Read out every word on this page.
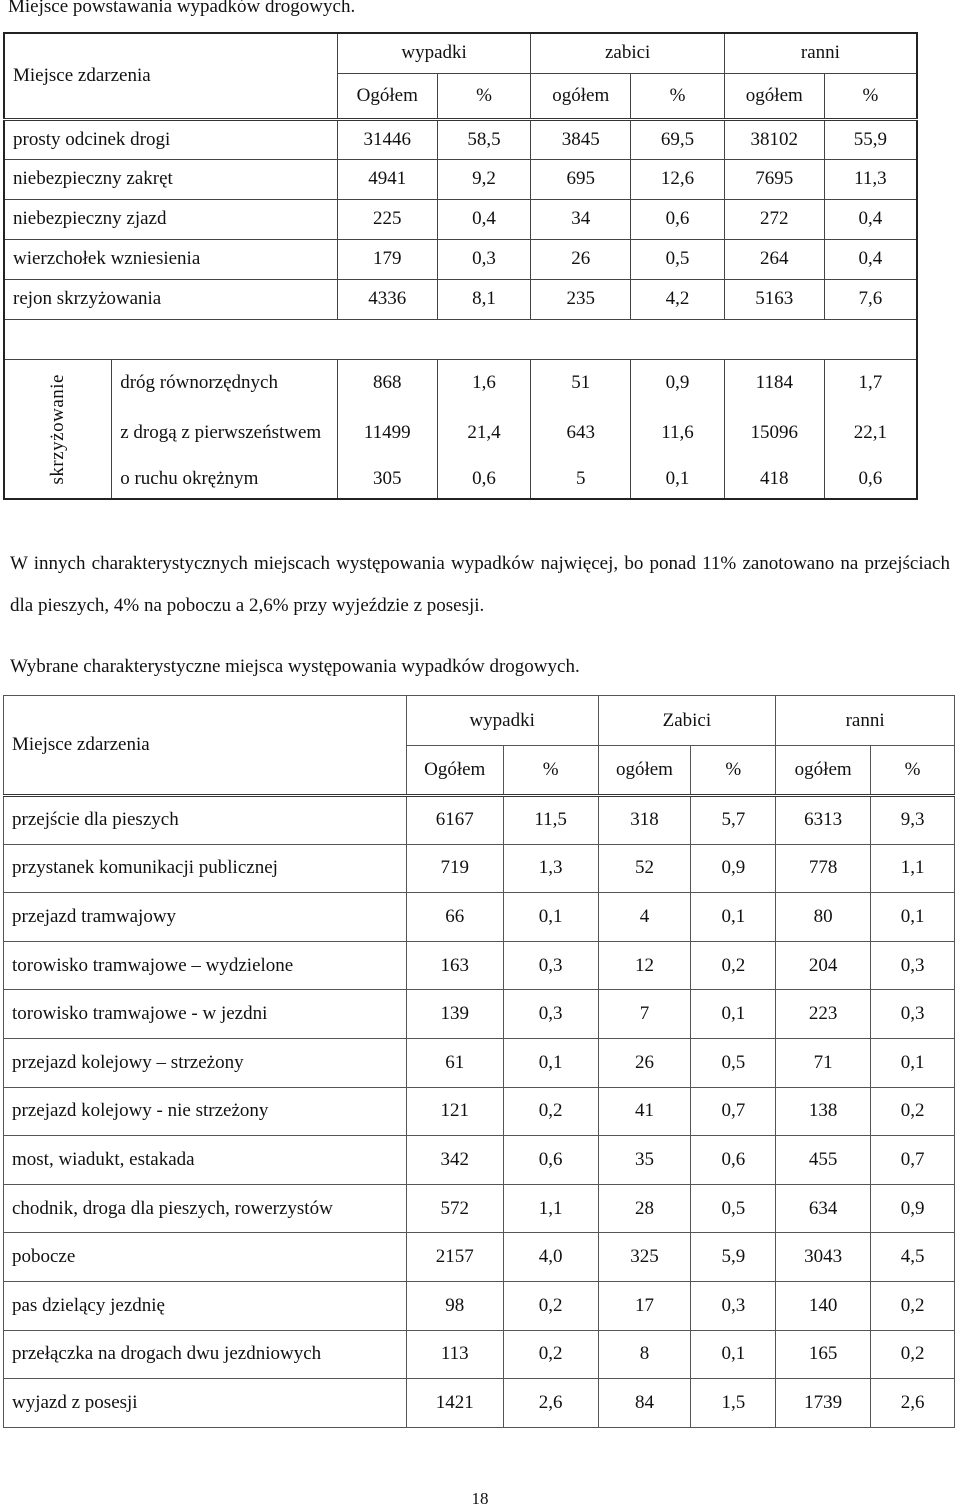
Miejsce powstawania wypadków drogowych.
Miejsce zdarzenia		wypadki		zabici		ranni	
		Ogółem	%	ogółem	%	ogółem	%
prosty odcinek drogi		31446	58,5	3845	69,5	38102	55,9
niebezpieczny zakręt		4941	9,2	695	12,6	7695	11,3
niebezpieczny zjazd		225	0,4	34	0,6	272	0,4
wierzchołek wzniesienia		179	0,3	26	0,5	264	0,4
rejon skrzyżowania		4336	8,1	235	4,2	5163	7,6

skrzyżowanie	dróg równorzędnych	868	1,6	51	0,9	1184	1,7
	z drogą z pierwszeństwem	11499	21,4	643	11,6	15096	22,1
	o ruchu okrężnym	305	0,6	5	0,1	418	0,6
W innych charakterystycznych miejscach występowania wypadków najwięcej, bo ponad 11% zanotowano na przejściach dla pieszych, 4% na poboczu a 2,6% przy wyjeździe z posesji.
Wybrane charakterystyczne miejsca występowania wypadków drogowych.
Miejsce zdarzenia	wypadki		Zabici		ranni	
	Ogółem	%	ogółem	%	ogółem	%
przejście dla pieszych	6167	11,5	318	5,7	6313	9,3
przystanek komunikacji publicznej	719	1,3	52	0,9	778	1,1
przejazd tramwajowy	66	0,1	4	0,1	80	0,1
torowisko tramwajowe – wydzielone	163	0,3	12	0,2	204	0,3
torowisko tramwajowe - w jezdni	139	0,3	7	0,1	223	0,3
przejazd kolejowy – strzeżony	61	0,1	26	0,5	71	0,1
przejazd kolejowy - nie strzeżony	121	0,2	41	0,7	138	0,2
most, wiadukt, estakada	342	0,6	35	0,6	455	0,7
chodnik, droga dla pieszych, rowerzystów	572	1,1	28	0,5	634	0,9
pobocze	2157	4,0	325	5,9	3043	4,5
pas dzielący jezdnię	98	0,2	17	0,3	140	0,2
przełączka na drogach dwu jezdniowych	113	0,2	8	0,1	165	0,2
wyjazd z posesji	1421	2,6	84	1,5	1739	2,6
18
